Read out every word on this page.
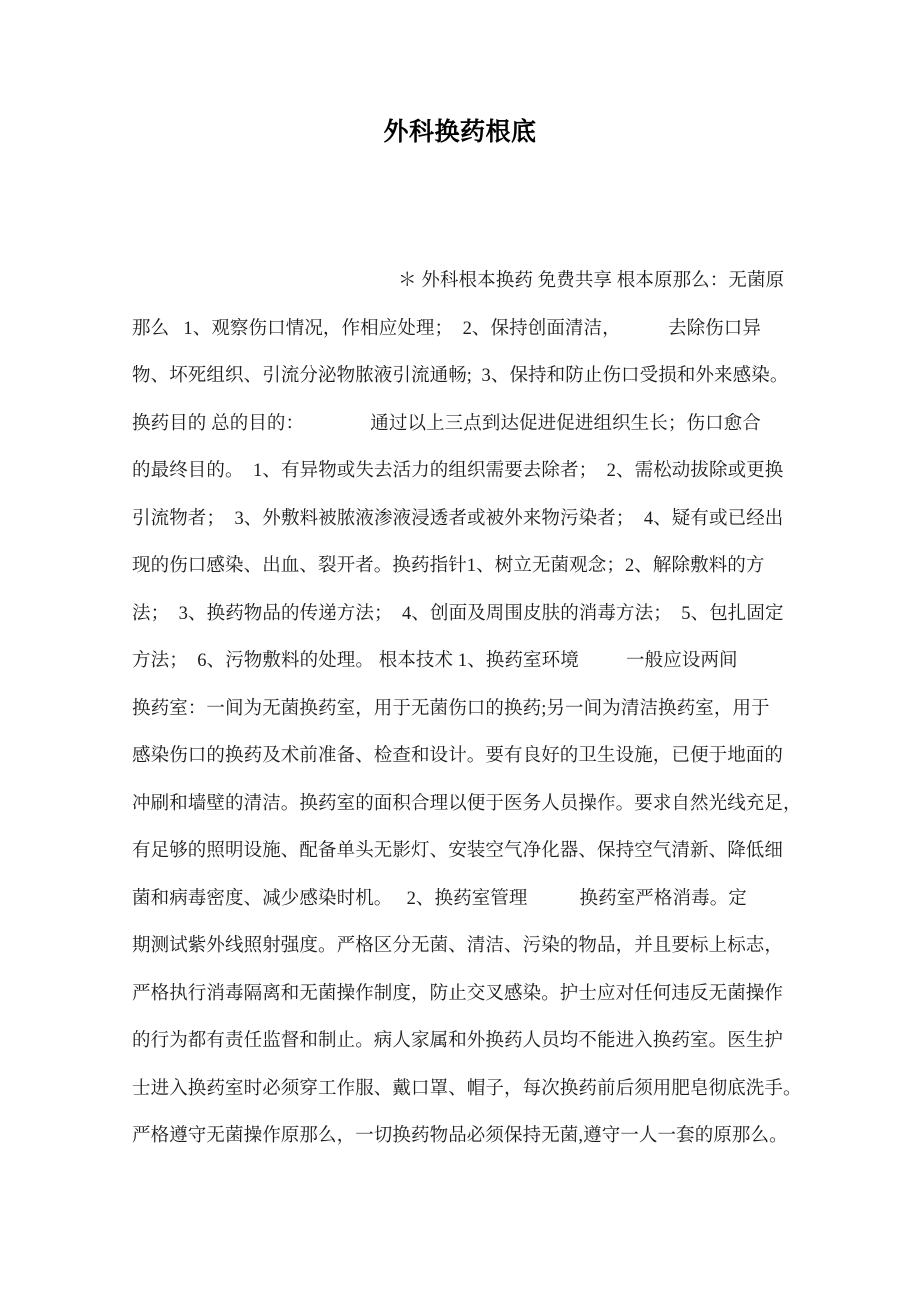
外科换药根底
＊ 外科根本换药 免费共享 根本原那么：无菌原
那么   1、观察伤口情况，作相应处理；  2、保持创面清洁，          去除伤口异
物、坏死组织、引流分泌物脓液引流通畅;  3、保持和防止伤口受损和外来感染。
换药目的 总的目的：              通过以上三点到达促进促进组织生长；伤口愈合
的最终目的。  1、有异物或失去活力的组织需要去除者；  2、需松动拔除或更换
引流物者；  3、外敷料被脓液渗液浸透者或被外来物污染者；  4、疑有或已经出
现的伤口感染、出血、裂开者。换药指针1、树立无菌观念；2、解除敷料的方
法；  3、换药物品的传递方法；  4、创面及周围皮肤的消毒方法；  5、包扎固定
方法；  6、污物敷料的处理。 根本技术 1、换药室环境          一般应设两间
换药室：一间为无菌换药室，用于无菌伤口的换药;另一间为清洁换药室，用于
感染伤口的换药及术前准备、检查和设计。要有良好的卫生设施，已便于地面的
冲刷和墙壁的清洁。换药室的面积合理以便于医务人员操作。要求自然光线充足，
有足够的照明设施、配备单头无影灯、安装空气净化器、保持空气清新、降低细
菌和病毒密度、减少感染时机。   2、换药室管理           换药室严格消毒。定
期测试紫外线照射强度。严格区分无菌、清洁、污染的物品，并且要标上标志，
严格执行消毒隔离和无菌操作制度，防止交叉感染。护士应对任何违反无菌操作
的行为都有责任监督和制止。病人家属和外换药人员均不能进入换药室。医生护
士进入换药室时必须穿工作服、戴口罩、帽子，每次换药前后须用肥皂彻底洗手。
严格遵守无菌操作原那么，一切换药物品必须保持无菌,遵守一人一套的原那么。
